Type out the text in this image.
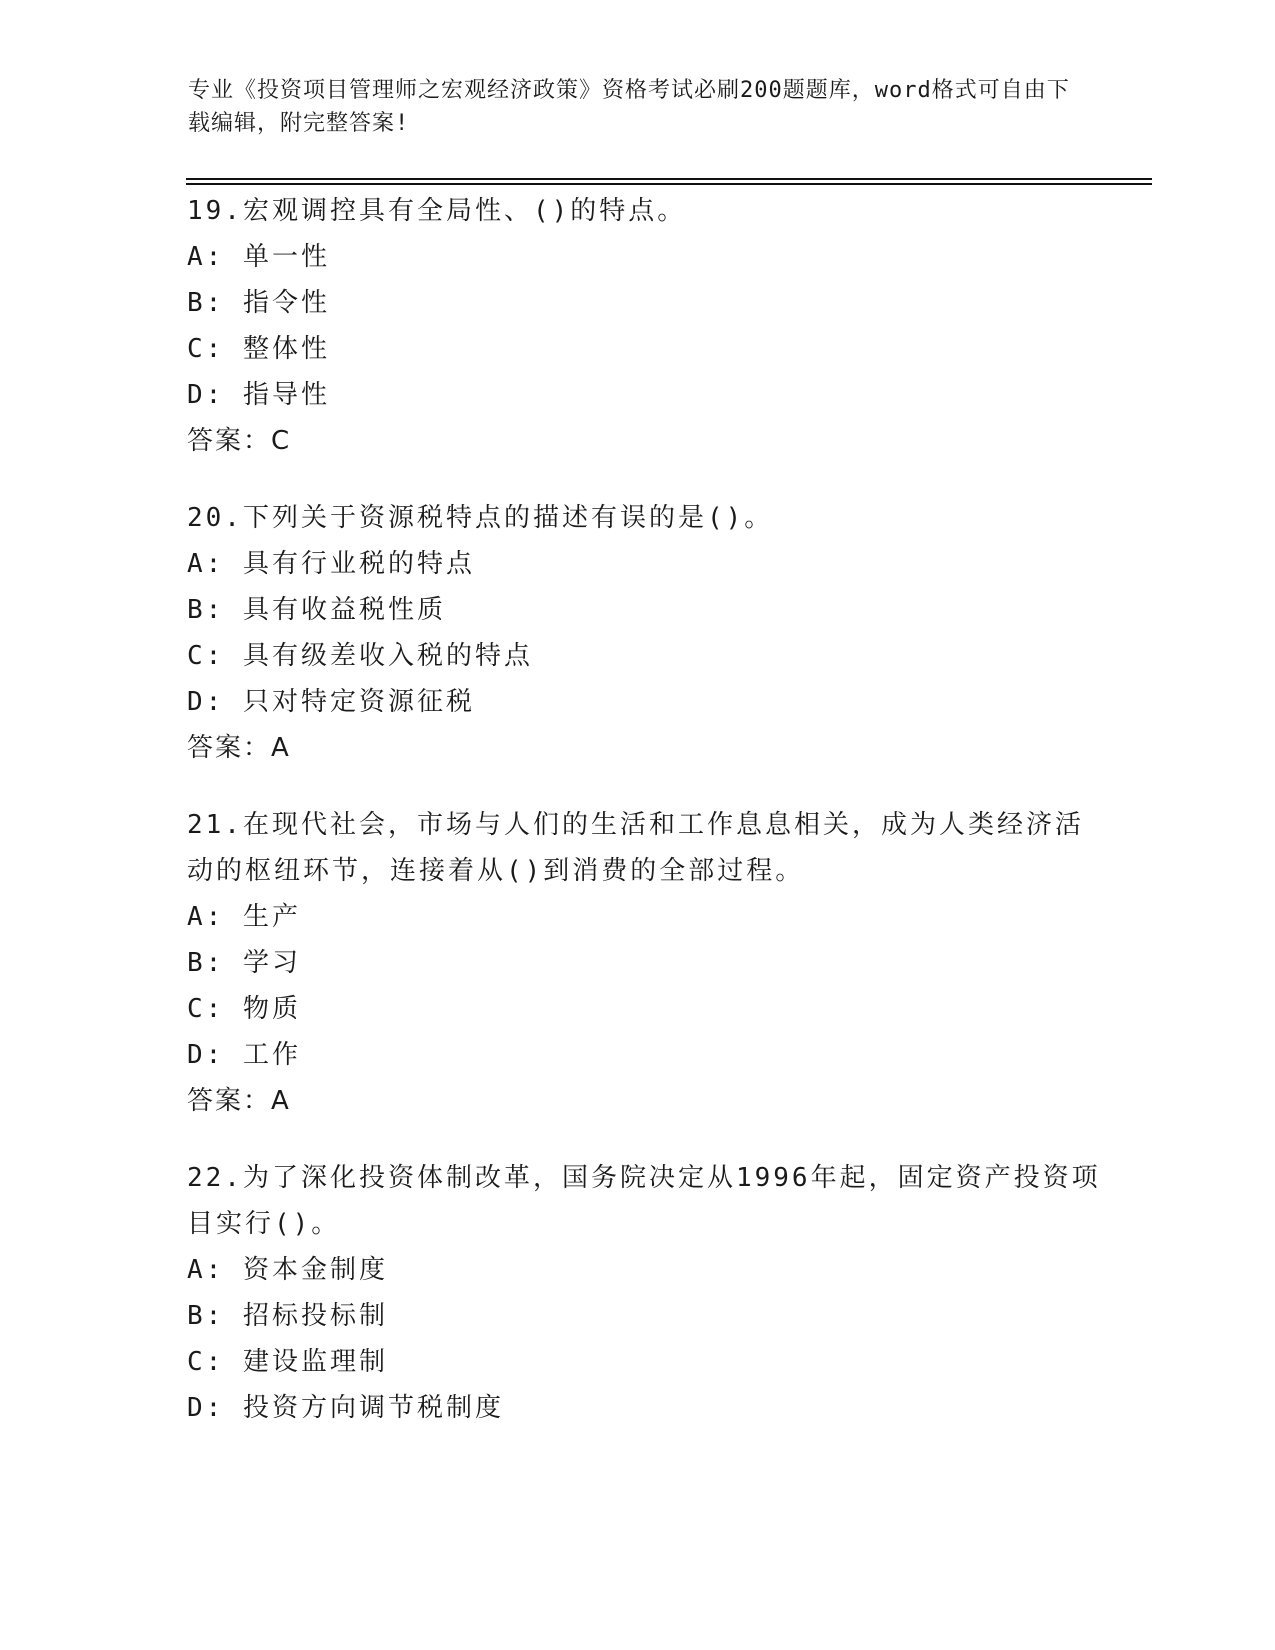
专业《投资项目管理师之宏观经济政策》资格考试必刷200题题库，word格式可自由下载编辑，附完整答案!

19.宏观调控具有全局性、()的特点。

A: 单一性

B: 指令性

C: 整体性

D: 指导性

答案：C

20.下列关于资源税特点的描述有误的是()。

A: 具有行业税的特点

B: 具有收益税性质

C: 具有级差收入税的特点

D: 只对特定资源征税

答案：A

21.在现代社会，市场与人们的生活和工作息息相关，成为人类经济活动的枢纽环节，连接着从()到消费的全部过程。

A: 生产

B: 学习

C: 物质

D: 工作

答案：A

22.为了深化投资体制改革，国务院决定从1996年起，固定资产投资项目实行()。

A: 资本金制度

B: 招标投标制

C: 建设监理制

D: 投资方向调节税制度
